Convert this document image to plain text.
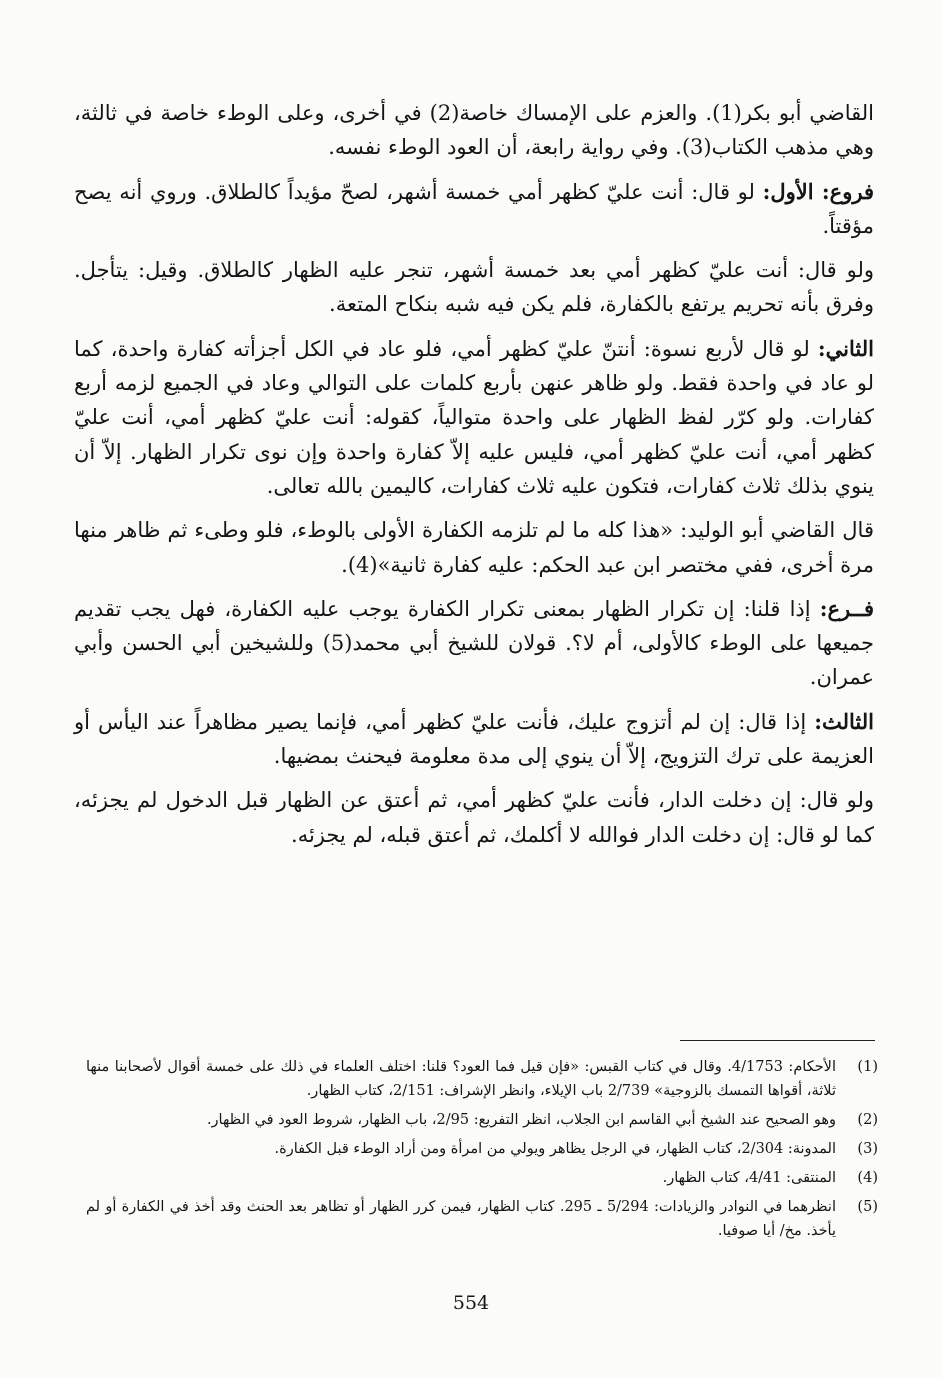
القاضي أبو بكر(1). والعزم على الإمساك خاصة(2) في أخرى، وعلى الوطء خاصة في ثالثة، وهي مذهب الكتاب(3). وفي رواية رابعة، أن العود الوطء نفسه.

فروع: الأول: لو قال: أنت عليّ كظهر أمي خمسة أشهر، لصحّ مؤيداً كالطلاق. وروي أنه يصح مؤقتاً.

ولو قال: أنت عليّ كظهر أمي بعد خمسة أشهر، تنجر عليه الظهار كالطلاق. وقيل: يتأجل. وفرق بأنه تحريم يرتفع بالكفارة، فلم يكن فيه شبه بنكاح المتعة.

الثاني: لو قال لأربع نسوة: أنتنّ عليّ كظهر أمي، فلو عاد في الكل أجزأته كفارة واحدة، كما لو عاد في واحدة فقط. ولو ظاهر عنهن بأربع كلمات على التوالي وعاد في الجميع لزمه أربع كفارات. ولو كرّر لفظ الظهار على واحدة متوالياً، كقوله: أنت عليّ كظهر أمي، أنت عليّ كظهر أمي، أنت عليّ كظهر أمي، فليس عليه إلاّ كفارة واحدة وإن نوى تكرار الظهار. إلاّ أن ينوي بذلك ثلاث كفارات، فتكون عليه ثلاث كفارات، كاليمين بالله تعالى.

قال القاضي أبو الوليد: «هذا كله ما لم تلزمه الكفارة الأولى بالوطء، فلو وطىء ثم ظاهر منها مرة أخرى، ففي مختصر ابن عبد الحكم: عليه كفارة ثانية»(4).

فــرع: إذا قلنا: إن تكرار الظهار بمعنى تكرار الكفارة يوجب عليه الكفارة، فهل يجب تقديم جميعها على الوطء كالأولى، أم لا؟. قولان للشيخ أبي محمد(5) وللشيخين أبي الحسن وأبي عمران.

الثالث: إذا قال: إن لم أتزوج عليك، فأنت عليّ كظهر أمي، فإنما يصير مظاهراً عند اليأس أو العزيمة على ترك التزويج، إلاّ أن ينوي إلى مدة معلومة فيحنث بمضيها.

ولو قال: إن دخلت الدار، فأنت عليّ كظهر أمي، ثم أعتق عن الظهار قبل الدخول لم يجزئه، كما لو قال: إن دخلت الدار فوالله لا أكلمك، ثم أعتق قبله، لم يجزئه.

(1)
الأحكام: 4/1753. وقال في كتاب القبس: «فإن قيل فما العود؟ قلنا: اختلف العلماء في ذلك على خمسة أقوال لأصحابنا منها ثلاثة، أقواها التمسك بالزوجية» 2/739 باب الإيلاء، وانظر الإشراف: 2/151، كتاب الظهار.
(2)
وهو الصحيح عند الشيخ أبي القاسم ابن الجلاب، انظر التفريع: 2/95، باب الظهار، شروط العود في الظهار.
(3)
المدونة: 2/304، كتاب الظهار، في الرجل يظاهر ويولي من امرأة ومن أراد الوطء قبل الكفارة.
(4)
المنتقى: 4/41، كتاب الظهار.
(5)
انظرهما في النوادر والزيادات: 5/294 ـ 295. كتاب الظهار، فيمن كرر الظهار أو تظاهر بعد الحنث وقد أخذ في الكفارة أو لم يأخذ. مخ/ أيا صوفيا.
554
